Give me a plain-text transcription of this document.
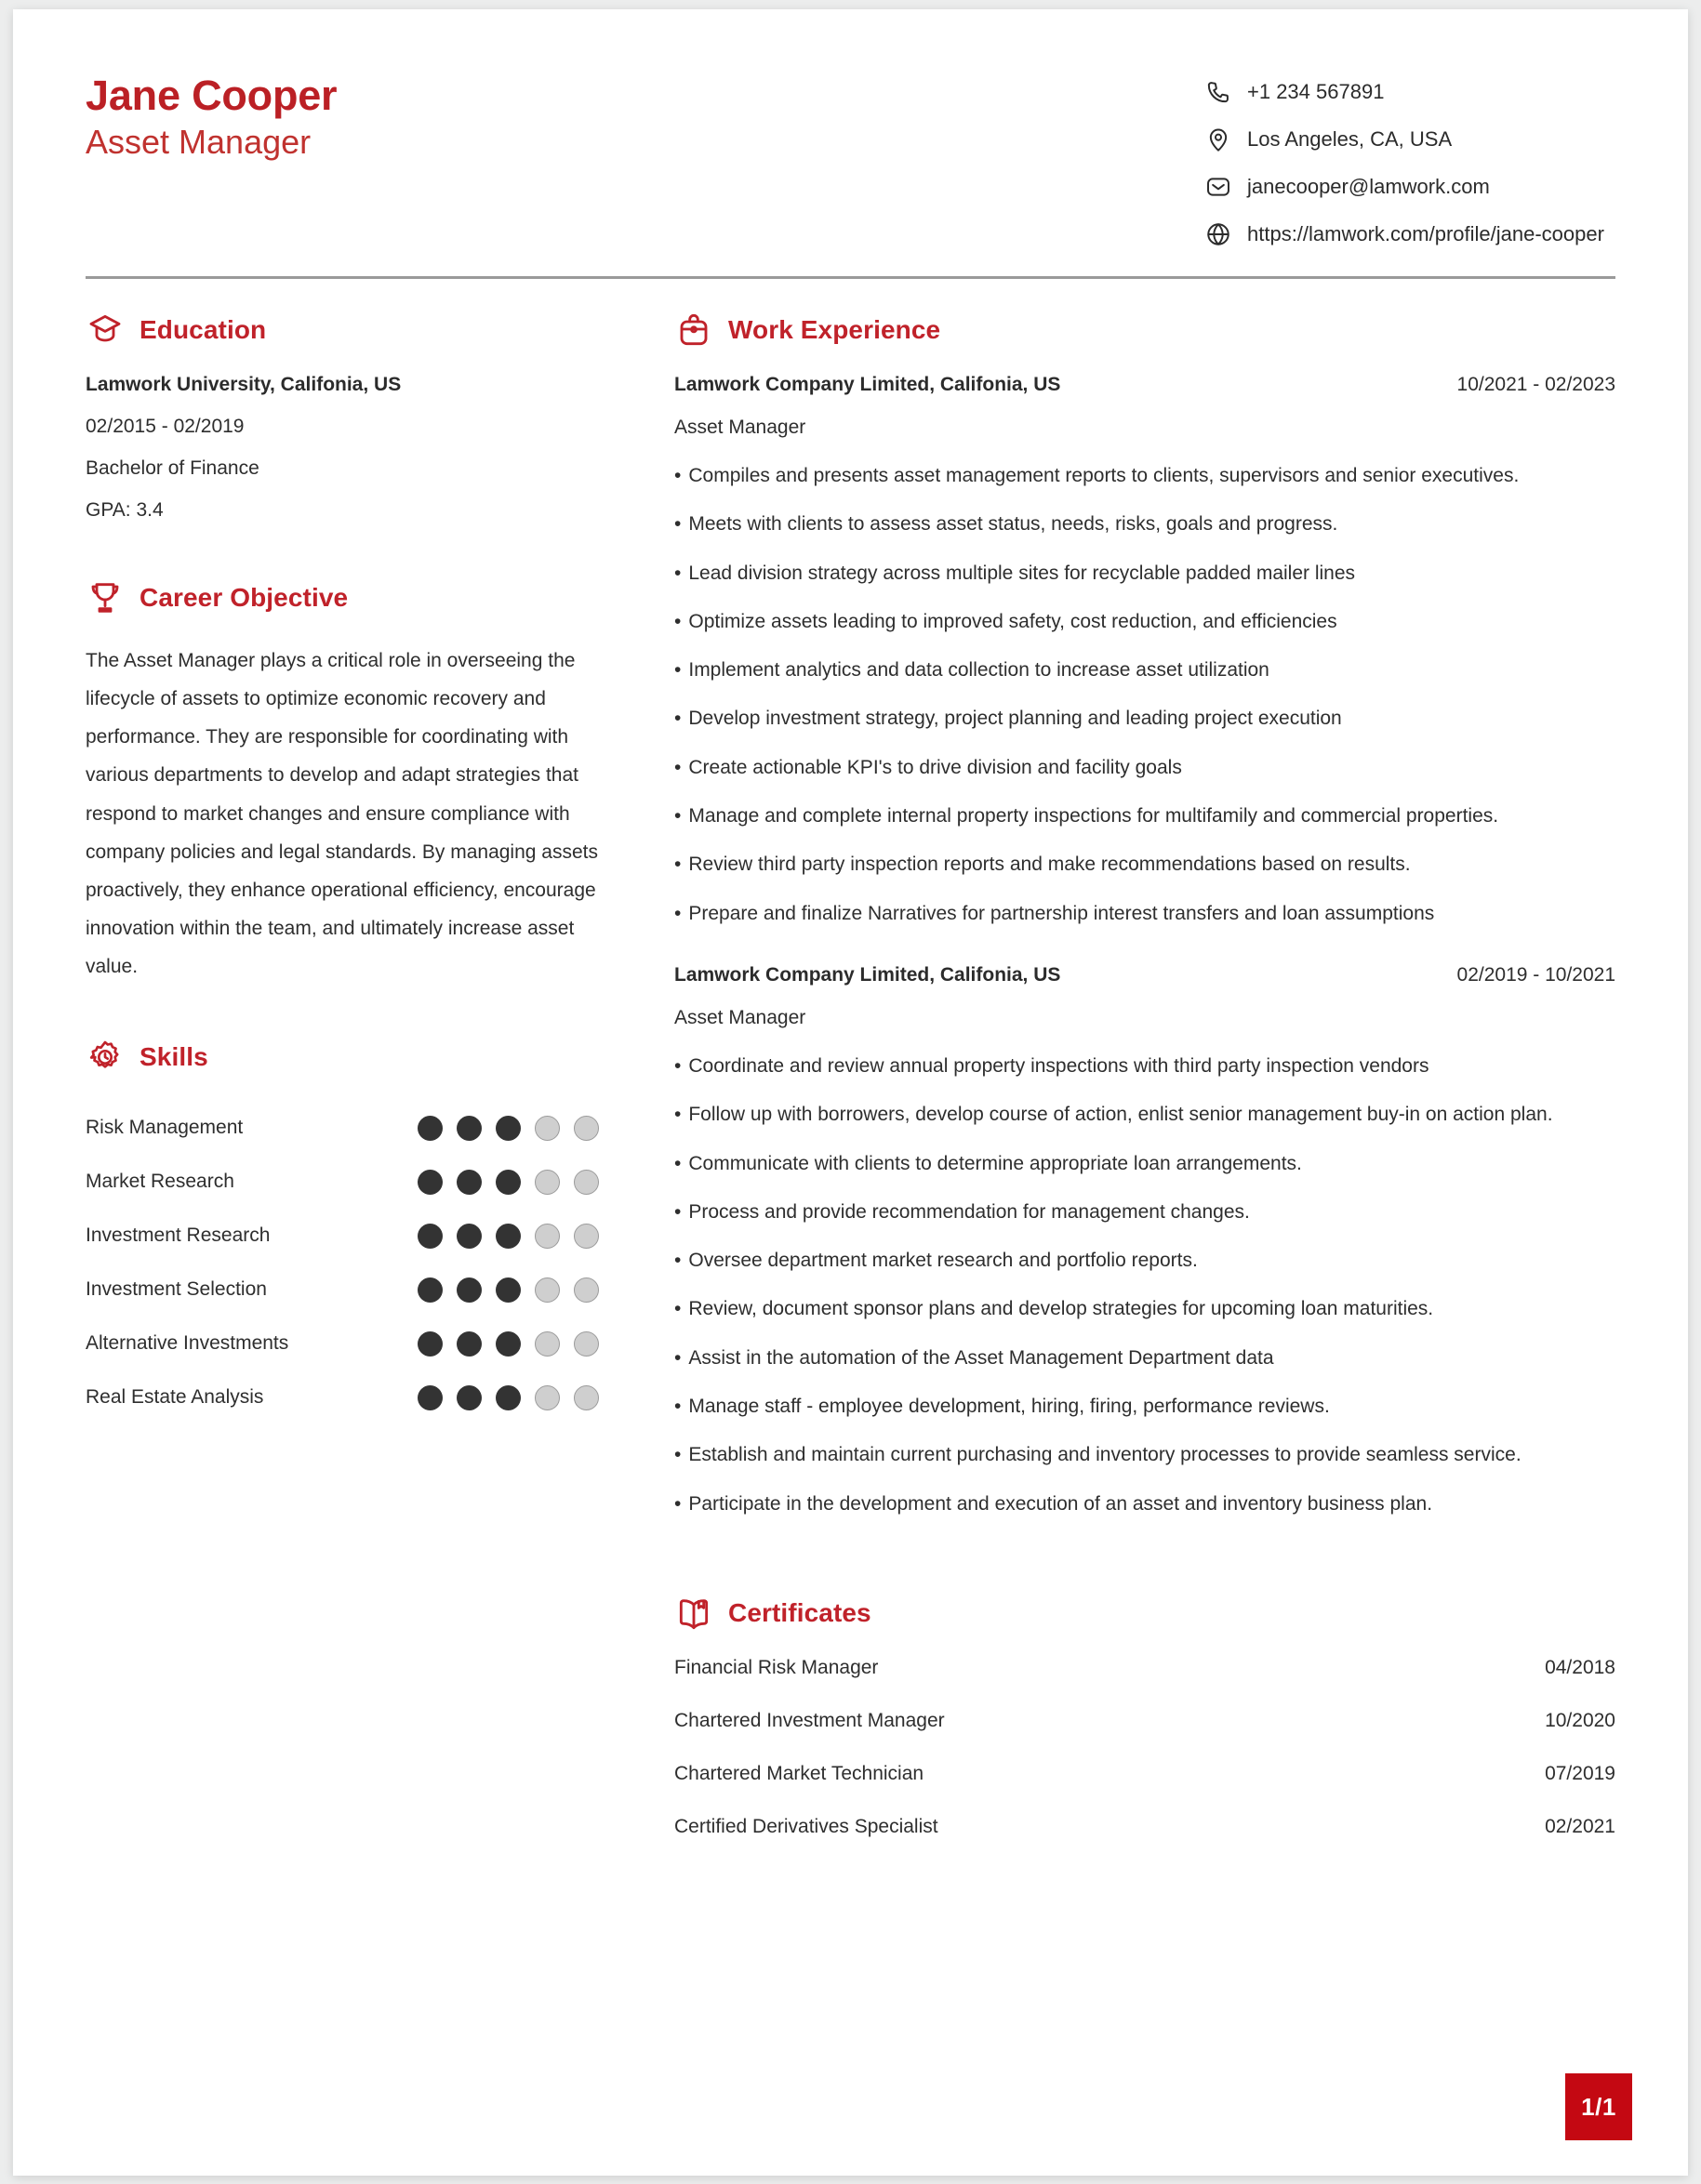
Jane Cooper
Asset Manager
+1 234 567891
Los Angeles, CA, USA
janecooper@lamwork.com
https://lamwork.com/profile/jane-cooper
Education
Lamwork University, Califonia, US
02/2015 - 02/2019
Bachelor of Finance
GPA: 3.4
Career Objective
The Asset Manager plays a critical role in overseeing the lifecycle of assets to optimize economic recovery and performance. They are responsible for coordinating with various departments to develop and adapt strategies that respond to market changes and ensure compliance with company policies and legal standards. By managing assets proactively, they enhance operational efficiency, encourage innovation within the team, and ultimately increase asset value.
Skills
Risk Management
Market Research
Investment Research
Investment Selection
Alternative Investments
Real Estate Analysis
Work Experience
Lamwork Company Limited, Califonia, US	10/2021 - 02/2023
Asset Manager
• Compiles and presents asset management reports to clients, supervisors and senior executives.
• Meets with clients to assess asset status, needs, risks, goals and progress.
• Lead division strategy across multiple sites for recyclable padded mailer lines
• Optimize assets leading to improved safety, cost reduction, and efficiencies
• Implement analytics and data collection to increase asset utilization
• Develop investment strategy, project planning and leading project execution
• Create actionable KPI's to drive division and facility goals
• Manage and complete internal property inspections for multifamily and commercial properties.
• Review third party inspection reports and make recommendations based on results.
• Prepare and finalize Narratives for partnership interest transfers and loan assumptions
Lamwork Company Limited, Califonia, US	02/2019 - 10/2021
Asset Manager
• Coordinate and review annual property inspections with third party inspection vendors
• Follow up with borrowers, develop course of action, enlist senior management buy-in on action plan.
• Communicate with clients to determine appropriate loan arrangements.
• Process and provide recommendation for management changes.
• Oversee department market research and portfolio reports.
• Review, document sponsor plans and develop strategies for upcoming loan maturities.
• Assist in the automation of the Asset Management Department data
• Manage staff - employee development, hiring, firing, performance reviews.
• Establish and maintain current purchasing and inventory processes to provide seamless service.
• Participate in the development and execution of an asset and inventory business plan.
Certificates
Financial Risk Manager	04/2018
Chartered Investment Manager	10/2020
Chartered Market Technician	07/2019
Certified Derivatives Specialist	02/2021
1/1
